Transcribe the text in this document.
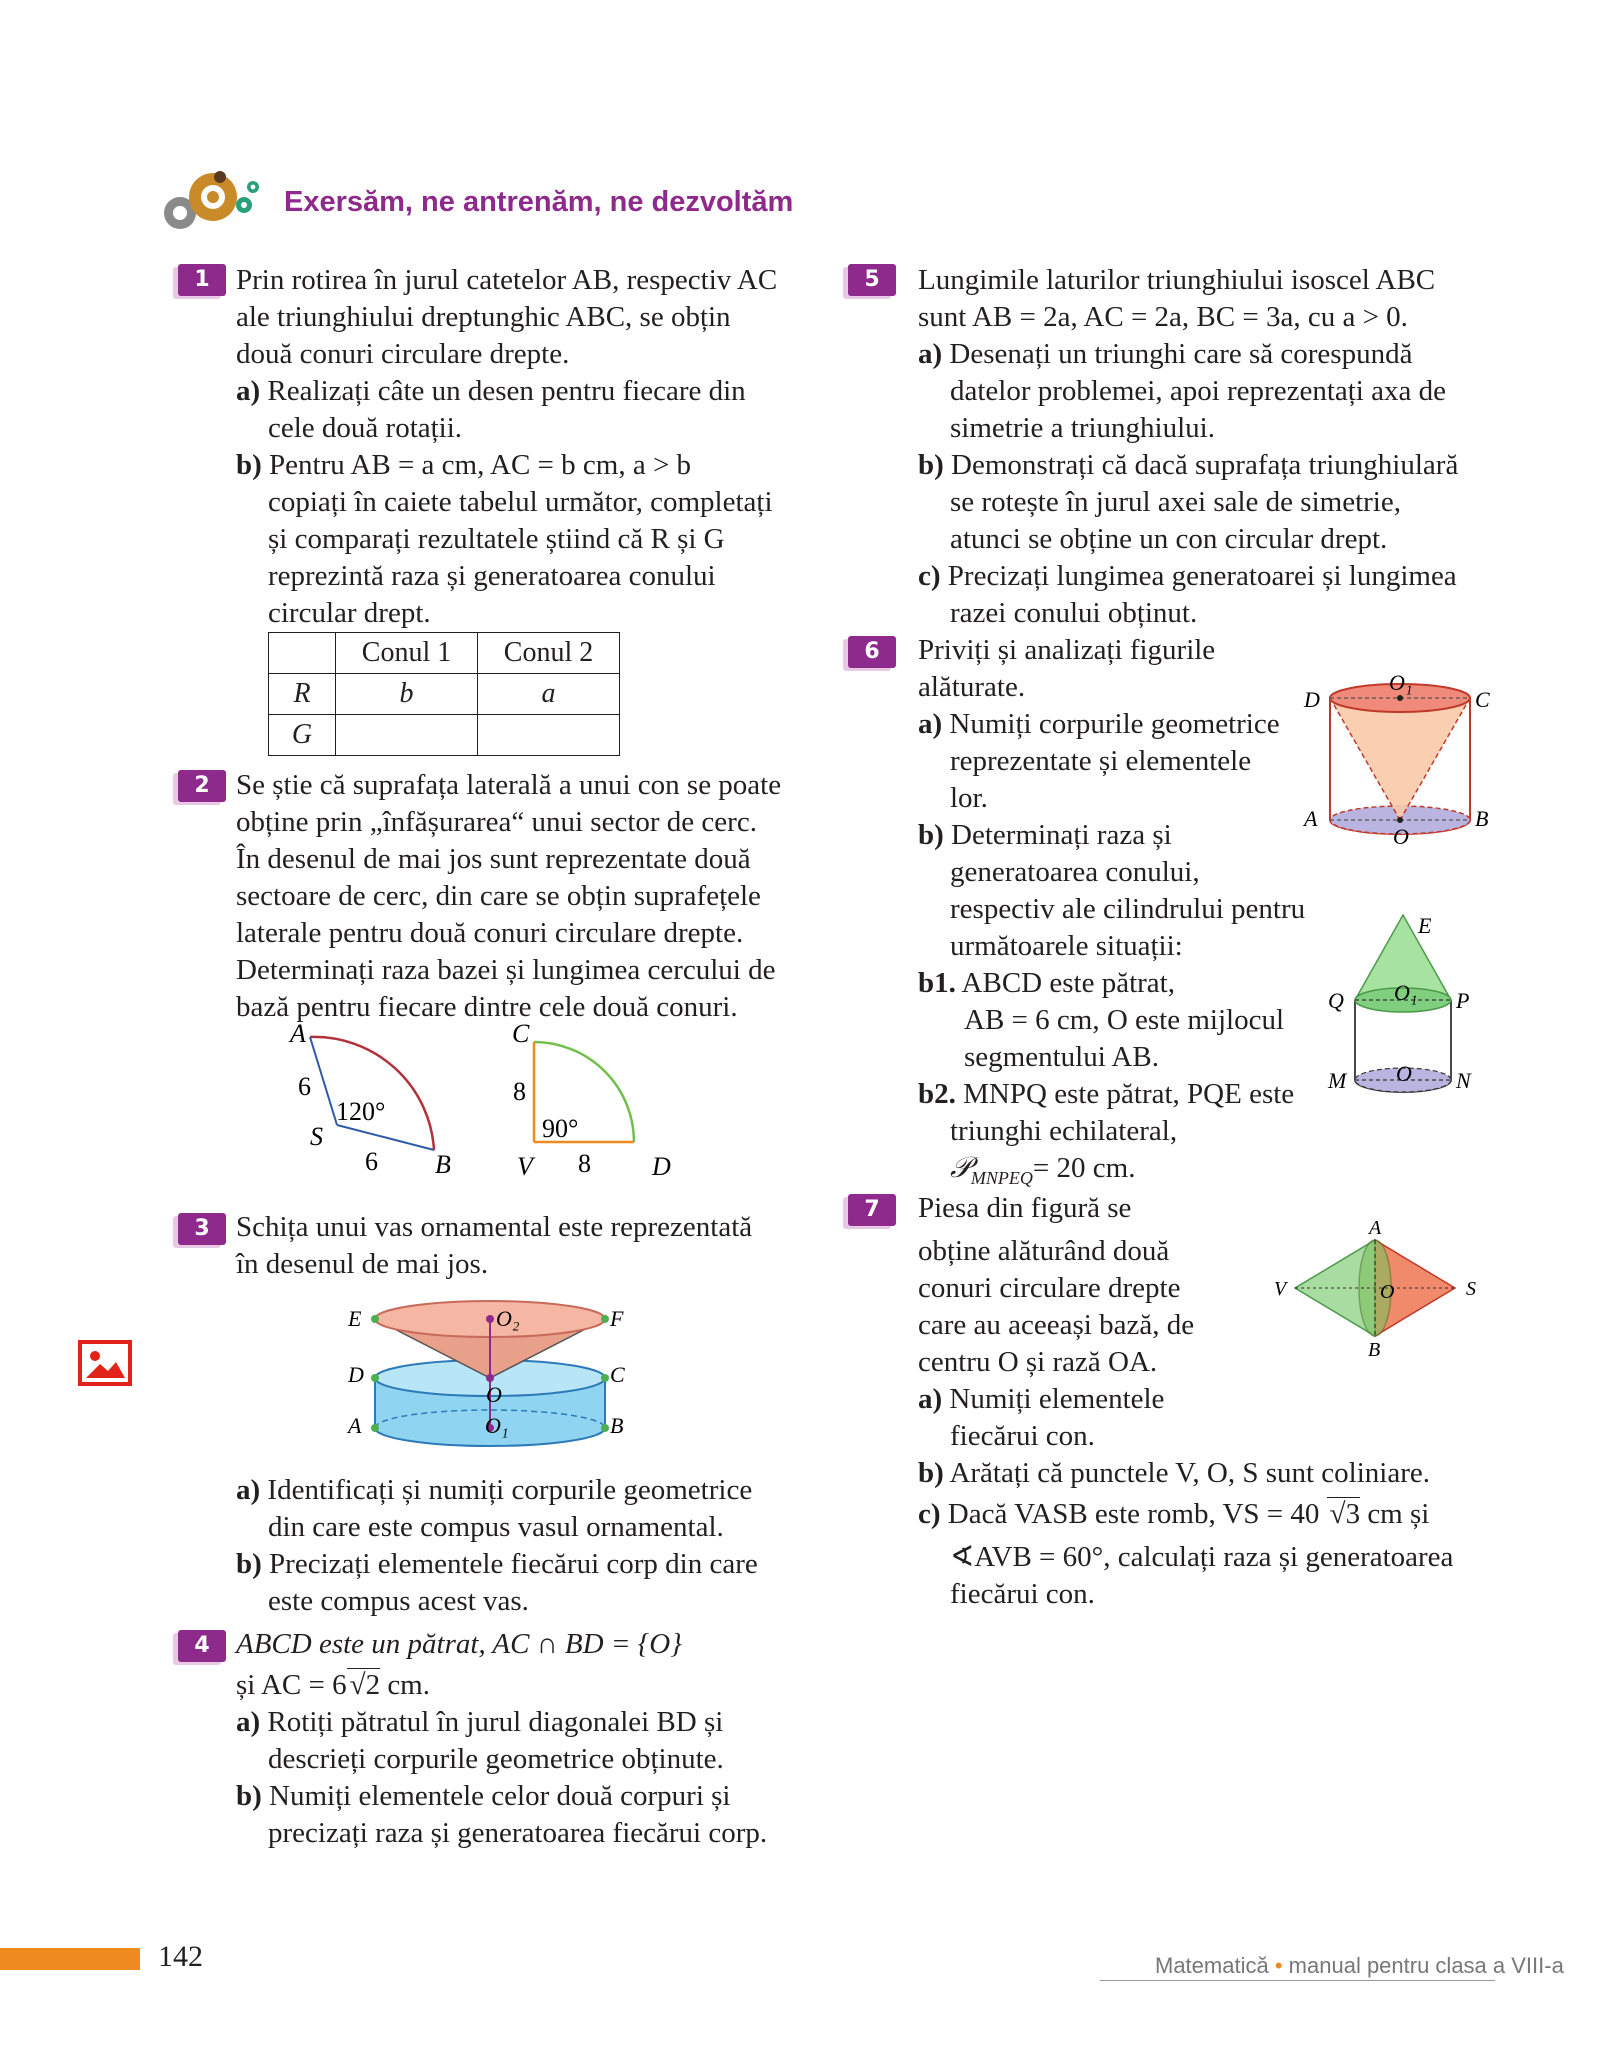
Exersăm, ne antrenăm, ne dezvoltăm
1 Prin rotirea în jurul catetelor AB, respectiv AC

ale triunghiului dreptunghic ABC, se obțin

două conuri circulare drepte.

a) Realizați câte un desen pentru fiecare din

cele două rotații.

b) Pentru AB = a cm, AC = b cm, a > b

copiați în caiete tabelul următor, completați

și comparați rezultatele știind că R și G

reprezintă raza și generatoarea conului

circular drept.

	Conul 1	Conul 2
R	b	a
G		
2 Se știe că suprafața laterală a unui con se poate

obține prin „înfășurarea“ unui sector de cerc.

În desenul de mai jos sunt reprezentate două

sectoare de cerc, din care se obțin suprafețele

laterale pentru două conuri circulare drepte.

Determinați raza bazei și lungimea cercului de

bază pentru fiecare dintre cele două conuri.

A
6
120°
S
6 B
C
8
90°
V 8 D
3 Schița unui vas ornamental este reprezentată

în desenul de mai jos.

E	F
O₂
D	C
O
A	B
O₁

a) Identificați și numiți corpurile geometrice

din care este compus vasul ornamental.

b) Precizați elementele fiecărui corp din care

este compus acest vas.

4 ABCD este un pătrat, AC ∩ BD = {O}

și AC = 6 √2 cm.

a) Rotiți pătratul în jurul diagonalei BD și

descrieți corpurile geometrice obținute.

b) Numiți elementele celor două corpuri și

precizați raza și generatoarea fiecărui corp.

5	Lungimile laturilor triunghiului isoscel ABC

sunt AB = 2a, AC = 2a, BC = 3a, cu a > 0.

a) Desenați un triunghi care să corespundă

datelor problemei, apoi reprezentați axa de

simetrie a triunghiului.

b) Demonstrați că dacă suprafața triunghiulară

se rotește în jurul axei sale de simetrie,

atunci se obține un con circular drept.

c) Precizați lungimea generatoarei și lungimea

razei conului obținut.

6	Priviți și analizați figurile

alăturate.

a) Numiți corpurile geometrice

reprezentate și elementele

lor.

b) Determinați raza și

generatoarea conului,

respectiv ale cilindrului pentru

următoarele situații:

b1. ABCD este pătrat,

AB = 6 cm, O este mijlocul

segmentului AB.

b2. MNPQ este pătrat, PQE este

triunghi echilateral,

𝒫$_{MNPEQ}$= 20 cm.

D
O₁
C
A
O
B
E
Q O₁ P
M O N
7	Piesa din figură se

obține alăturând două

conuri circulare drepte

care au aceeași bază, de

centru O și rază OA.

a) Numiți elementele

fiecărui con.

b) Arătați că punctele V, O, S sunt coliniare.

c) Dacă VASB este romb, VS = 40 √3 cm și

∢AVB = 60°, calculați raza și generatoarea

fiecărui con.

A
V	O	S
B
142	Matematică • manual pentru clasa a VIII-a
